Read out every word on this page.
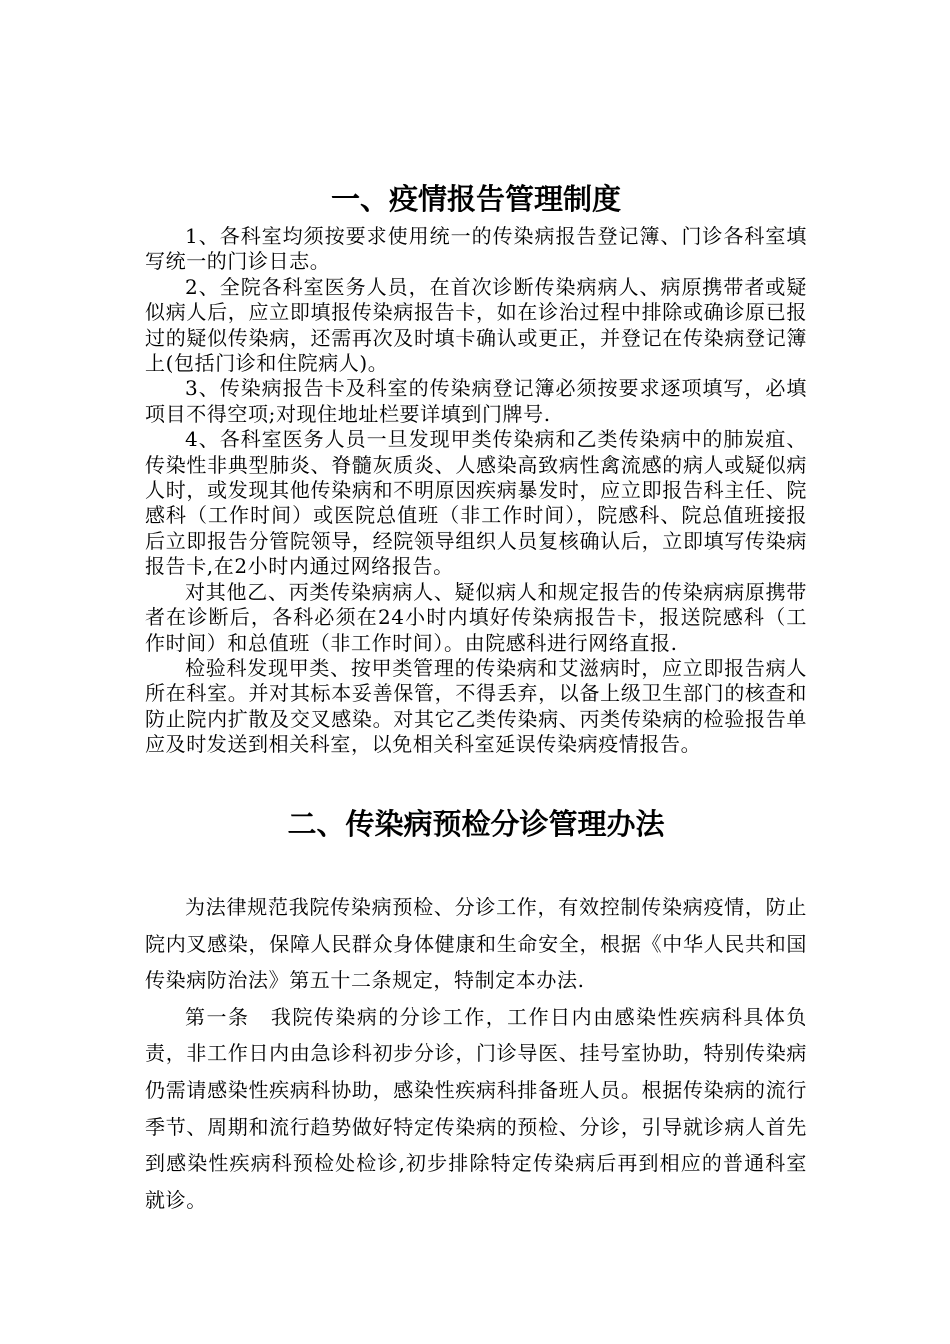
一、疫情报告管理制度

1、各科室均须按要求使用统一的传染病报告登记簿、门诊各科室填写统一的门诊日志。

2、全院各科室医务人员，在首次诊断传染病病人、病原携带者或疑似病人后，应立即填报传染病报告卡，如在诊治过程中排除或确诊原已报过的疑似传染病，还需再次及时填卡确认或更正，并登记在传染病登记簿上(包括门诊和住院病人)。

3、传染病报告卡及科室的传染病登记簿必须按要求逐项填写，必填项目不得空项;对现住地址栏要详填到门牌号.

4、各科室医务人员一旦发现甲类传染病和乙类传染病中的肺炭疽、传染性非典型肺炎、脊髓灰质炎、人感染高致病性禽流感的病人或疑似病人时，或发现其他传染病和不明原因疾病暴发时，应立即报告科主任、院感科（工作时间）或医院总值班（非工作时间），院感科、院总值班接报后立即报告分管院领导，经院领导组织人员复核确认后，立即填写传染病报告卡,在2小时内通过网络报告。

对其他乙、丙类传染病病人、疑似病人和规定报告的传染病病原携带者在诊断后，各科必须在24小时内填好传染病报告卡，报送院感科（工作时间）和总值班（非工作时间）。由院感科进行网络直报.

检验科发现甲类、按甲类管理的传染病和艾滋病时，应立即报告病人所在科室。并对其标本妥善保管，不得丢弃，以备上级卫生部门的核查和防止院内扩散及交叉感染。对其它乙类传染病、丙类传染病的检验报告单应及时发送到相关科室，以免相关科室延误传染病疫情报告。

二、传染病预检分诊管理办法

为法律规范我院传染病预检、分诊工作，有效控制传染病疫情，防止院内叉感染，保障人民群众身体健康和生命安全，根据《中华人民共和国传染病防治法》第五十二条规定，特制定本办法.

第一条　我院传染病的分诊工作，工作日内由感染性疾病科具体负责，非工作日内由急诊科初步分诊，门诊导医、挂号室协助，特别传染病仍需请感染性疾病科协助，感染性疾病科排备班人员。根据传染病的流行季节、周期和流行趋势做好特定传染病的预检、分诊，引导就诊病人首先到感染性疾病科预检处检诊,初步排除特定传染病后再到相应的普通科室就诊。
